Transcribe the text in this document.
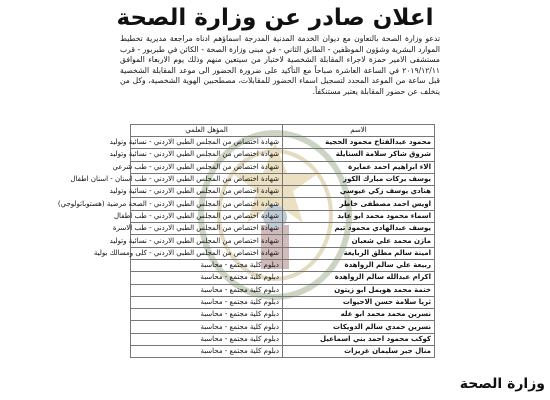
اعلان صادر عن وزارة الصحة

تدعو وزارة الصحة بالتعاون مع ديوان الخدمة المدنية المدرجة اسماؤهم ادناه مراجعة مديرية تخطيط الموارد البشرية وشؤون الموظفين - الطابق الثاني - في مبنى وزارة الصحة - الكائن في طبربور - قرب مستشفى الامير حمزة لاجراء المقابلة الشخصية لاختبار من سيتعين منهم وذلك يوم الاربعاء الموافق ٢٠١٩/١٢/١١ في الساعة العاشرة صباحاً مع التأكيد على ضرورة الحضور الى موعد المقابلة الشخصية قبل ساعة من الموعد المحدد لتسجيل اسماء الحضور للمقابلات، مصطحبين الهوية الشخصية، وكل من يتخلف عن حضور المقابلة يعتبر مستنكفاً.

الاسم	المؤهل العلمي
محمود عبدالفتاح محمود الحجية	شهادة اختصاص من المجلس الطبي الاردني - نسائية وتوليد
شروق شاكر سلامة السنايلة	شهادة اختصاص من المجلس الطبي الاردني - نسائية وتوليد
الاء ابراهيم احمد عمايرة	شهادة اختصاص من المجلس الطبي الاردني - طب شرعي
يوسف بركات مبارك الكوز	شهادة اختصاص من المجلس الطبي الاردني - طب اسنان - اسنان اطفال
هنادي يوسف زكي عيوسي	شهادة اختصاص من المجلس الطبي الاردني - نسائية وتوليد
اويس احمد مصطفى خاطر	شهادة اختصاص من المجلس الطبي الاردني - الصحة مرضية (هستوباثولوجي)
اسماء محمود محمد ابو عابد	شهادة اختصاص من المجلس الطبي الاردني - طب اطفال
يوسف عبدالهادي محمود تيم	شهادة اختصاص من المجلس الطبي الاردني - طب الاسرة
مازن محمد علي شعبان	شهادة اختصاص من المجلس الطبي الاردني - نسائية وتوليد
امينة سالم مطلق الربايعة	شهادة اختصاص من المجلس الطبي الاردني - كلى ومسالك بولية
ربيعة علي سالم الزواهدة	دبلوم كلية مجتمع - محاسبة
اكرام عبدالله سالم الزواهدة	دبلوم كلية مجتمع - محاسبة
ختمة محمد هويمل ابو زيتون	دبلوم كلية مجتمع - محاسبة
ثريا سلامة حسن الاحيوات	دبلوم كلية مجتمع - محاسبة
نسرين محمد محمد ابو عله	دبلوم كلية مجتمع - محاسبة
نسرين حمدي سالم الدويكات	دبلوم كلية مجتمع - محاسبة
كوكب محمود احمد بني اسماعيل	دبلوم كلية مجتمع - محاسبة
منال جبر سليمان غريزات	دبلوم كلية مجتمع - محاسبة
وزارة الصحة
